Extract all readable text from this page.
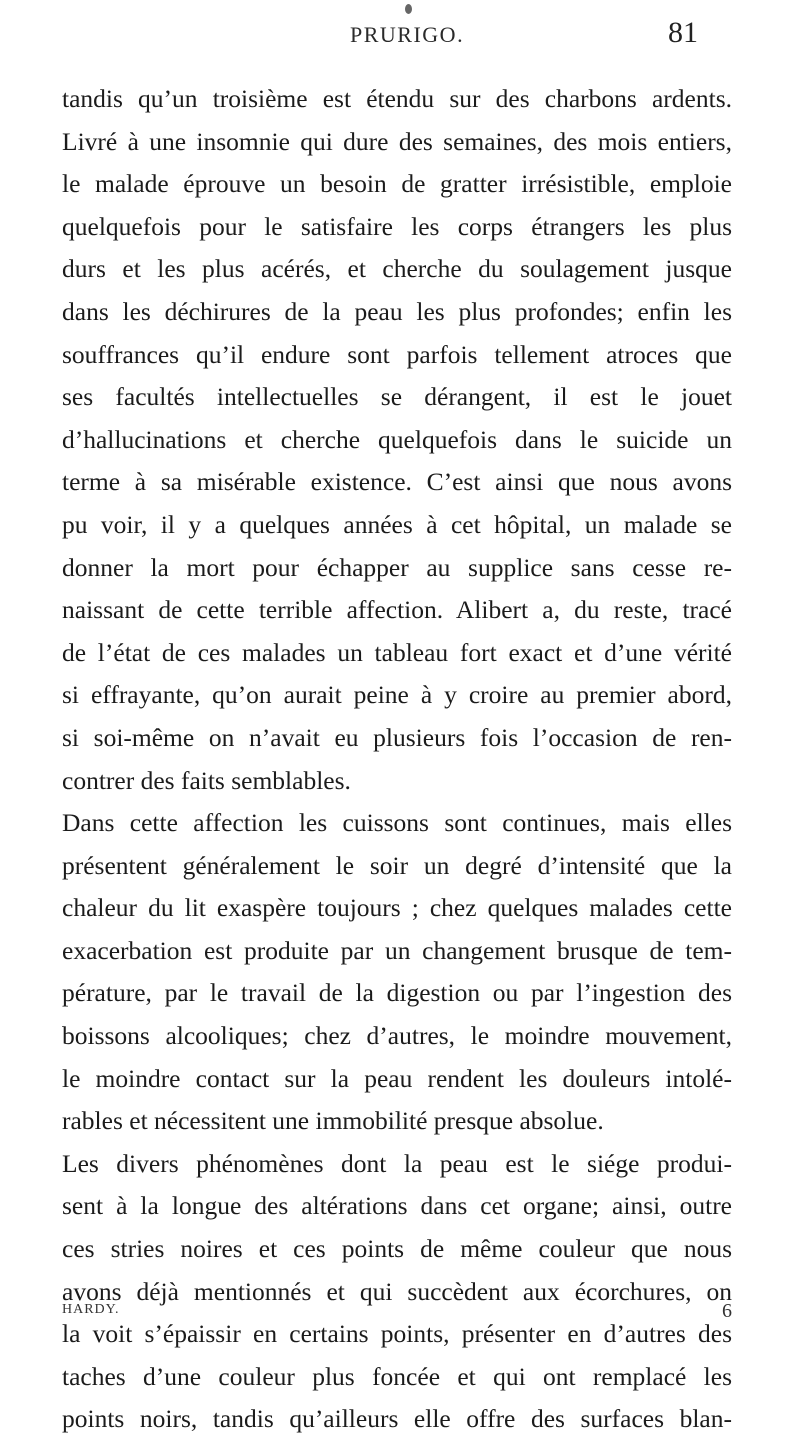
PRURIGO.	81
tandis qu’un troisième est étendu sur des charbons ardents.
Livré à une insomnie qui dure des semaines, des mois entiers,
le malade éprouve un besoin de gratter irrésistible, emploie
quelquefois pour le satisfaire les corps étrangers les plus
durs et les plus acérés, et cherche du soulagement jusque
dans les déchirures de la peau les plus profondes; enfin les
souffrances qu’il endure sont parfois tellement atroces que
ses facultés intellectuelles se dérangent, il est le jouet
d’hallucinations et cherche quelquefois dans le suicide un
terme à sa misérable existence. C’est ainsi que nous avons
pu voir, il y a quelques années à cet hôpital, un malade se
donner la mort pour échapper au supplice sans cesse re-
naissant de cette terrible affection. Alibert a, du reste, tracé
de l’état de ces malades un tableau fort exact et d’une vérité
si effrayante, qu’on aurait peine à y croire au premier abord,
si soi-même on n’avait eu plusieurs fois l’occasion de ren-
contrer des faits semblables.
Dans cette affection les cuissons sont continues, mais elles
présentent généralement le soir un degré d’intensité que la
chaleur du lit exaspère toujours ; chez quelques malades cette
exacerbation est produite par un changement brusque de tem-
pérature, par le travail de la digestion ou par l’ingestion des
boissons alcooliques; chez d’autres, le moindre mouvement,
le moindre contact sur la peau rendent les douleurs intolé-
rables et nécessitent une immobilité presque absolue.
Les divers phénomènes dont la peau est le siége produi-
sent à la longue des altérations dans cet organe; ainsi, outre
ces stries noires et ces points de même couleur que nous
avons déjà mentionnés et qui succèdent aux écorchures, on
la voit s’épaissir en certains points, présenter en d’autres des
taches d’une couleur plus foncée et qui ont remplacé les
points noirs, tandis qu’ailleurs elle offre des surfaces blan-
HARDY.	6
